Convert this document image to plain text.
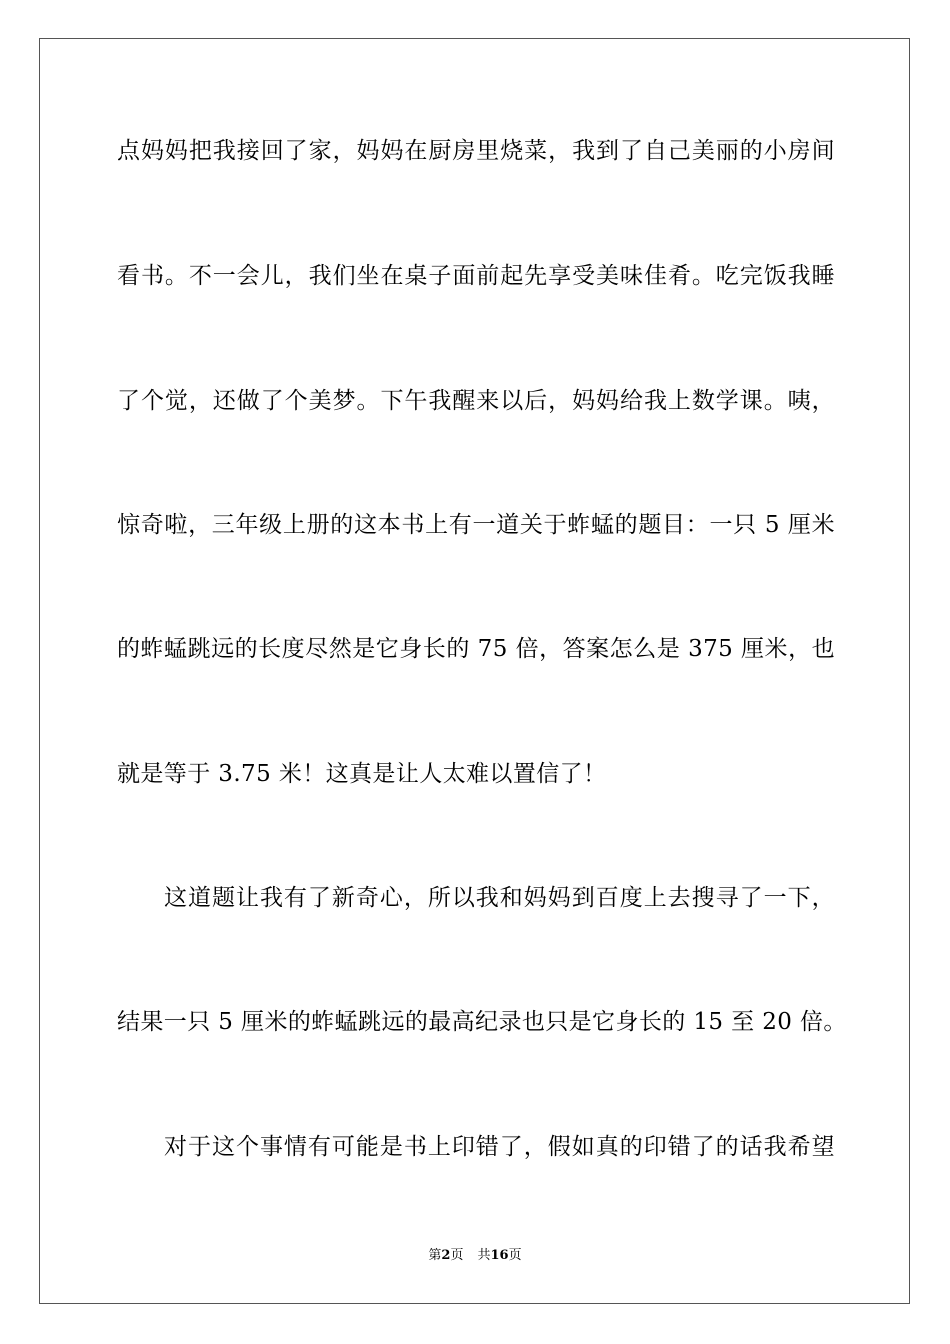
点妈妈把我接回了家，妈妈在厨房里烧菜，我到了自己美丽的小房间
看书。不一会儿，我们坐在桌子面前起先享受美味佳肴。吃完饭我睡
了个觉，还做了个美梦。下午我醒来以后，妈妈给我上数学课。咦，
惊奇啦，三年级上册的这本书上有一道关于蚱蜢的题目：一只 5 厘米
的蚱蜢跳远的长度尽然是它身长的 75 倍，答案怎么是 375 厘米，也
就是等于 3.75 米！这真是让人太难以置信了！
这道题让我有了新奇心，所以我和妈妈到百度上去搜寻了一下，
结果一只 5 厘米的蚱蜢跳远的最高纪录也只是它身长的 15 至 20 倍。
对于这个事情有可能是书上印错了，假如真的印错了的话我希望
第2页 共16页
